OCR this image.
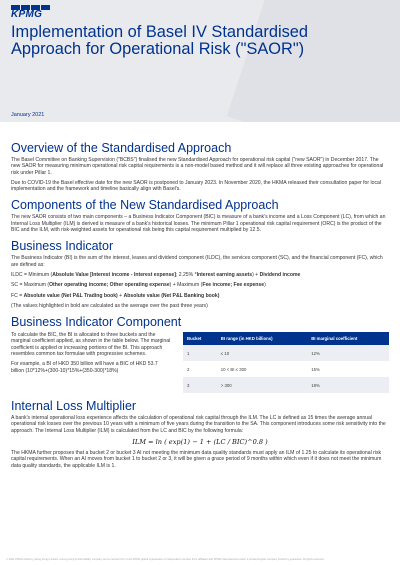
KPMG
Implementation of Basel IV Standardised Approach for Operational Risk ("SAOR")
January 2021
Overview of the Standardised Approach

The Basel Committee on Banking Supervision ("BCBS") finalised the new Standardised Approach for operational risk capital ("new SAOR") in December 2017. The new SAOR for measuring minimum operational risk capital requirements is a non-model based method and it will replace all three existing approaches for operational risk under Pillar 1.

Due to COVID-19 the Basel effective date for the new SAOR is postponed to January 2023. In November 2020, the HKMA released their consultation paper for local implementation and the framework and timeline basically align with Basel's.

Components of the New Standardised Approach

The new SAOR consists of two main components – a Business Indicator Component (BIC) is measure of a bank's income and a Loss Component (LC), from which an Internal Loss Multiplier (ILM) is derived is measure of a bank's historical losses. The minimum Pillar 1 operational risk capital requirement (ORC) is the product of the BIC and the ILM, with risk-weighted assets for operational risk being this capital requirement multiplied by 12.5.

Business Indicator

The Business Indicator (BI) is the sum of the interest, leases and dividend component (ILDC), the services component (SC), and the financial component (FC), which are defined as:

ILDC = Minimum (Absolute Value [Interest income - Interest expense]; 2.25% *Interest earning assets) + Dividend income

SC = Maximum (Other operating income; Other operating expense) + Maximum (Fee income; Fee expense)

FC = Absolute value (Net P&L Trading book) + Absolute value (Net P&L Banking book)

(The values highlighted in bold are calculated as the average over the past three years)

Business Indicator Component

To calculate the BIC, the BI is allocated to three buckets and the marginal coefficient applied, as shown in the table below. The marginal coefficient is applied or increasing portions of the BI. This approach resembles common tax formulae with progressive schemes.

For example, a BI of HKD 350 billion will have a BIC of HKD 53.7 billion (10*12%+(300-10)*15%+(350-300)*18%)

Bucket	BI range (in HKD billions)	BI marginal coefficient
1	≤ 10	12%
2	10 < BI ≤ 300	15%
3	> 300	18%
Internal Loss Multiplier

A bank's internal operational loss experience affects the calculation of operational risk capital through the ILM. The LC is defined as 15 times the average annual operational risk losses over the previous 10 years with a minimum of five years during the transition to the SA. This component introduces some risk sensitivity into the approach. The Internal Loss Multiplier (ILM) is calculated from the LC and BIC by the following formula:

ILM = ln ( exp(1) − 1 + (LC / BIC)^0.8 )

The HKMA further proposes that a bucket 2 or bucket 3 AI not meeting the minimum data quality standards must apply an ILM of 1.25 to calculate its operational risk capital requirements. When an AI moves from bucket 1 to bucket 2 or 3, it will be given a grace period of 9 months within which even if it does not meet the minimum data quality standards, the applicable ILM is 1.

© 2021 KPMG Advisory (Hong Kong) Limited, a Hong Kong limited liability company and a member firm of the KPMG global organisation of independent member firms affiliated with KPMG International Limited, a private English company limited by guarantee. All rights reserved.
